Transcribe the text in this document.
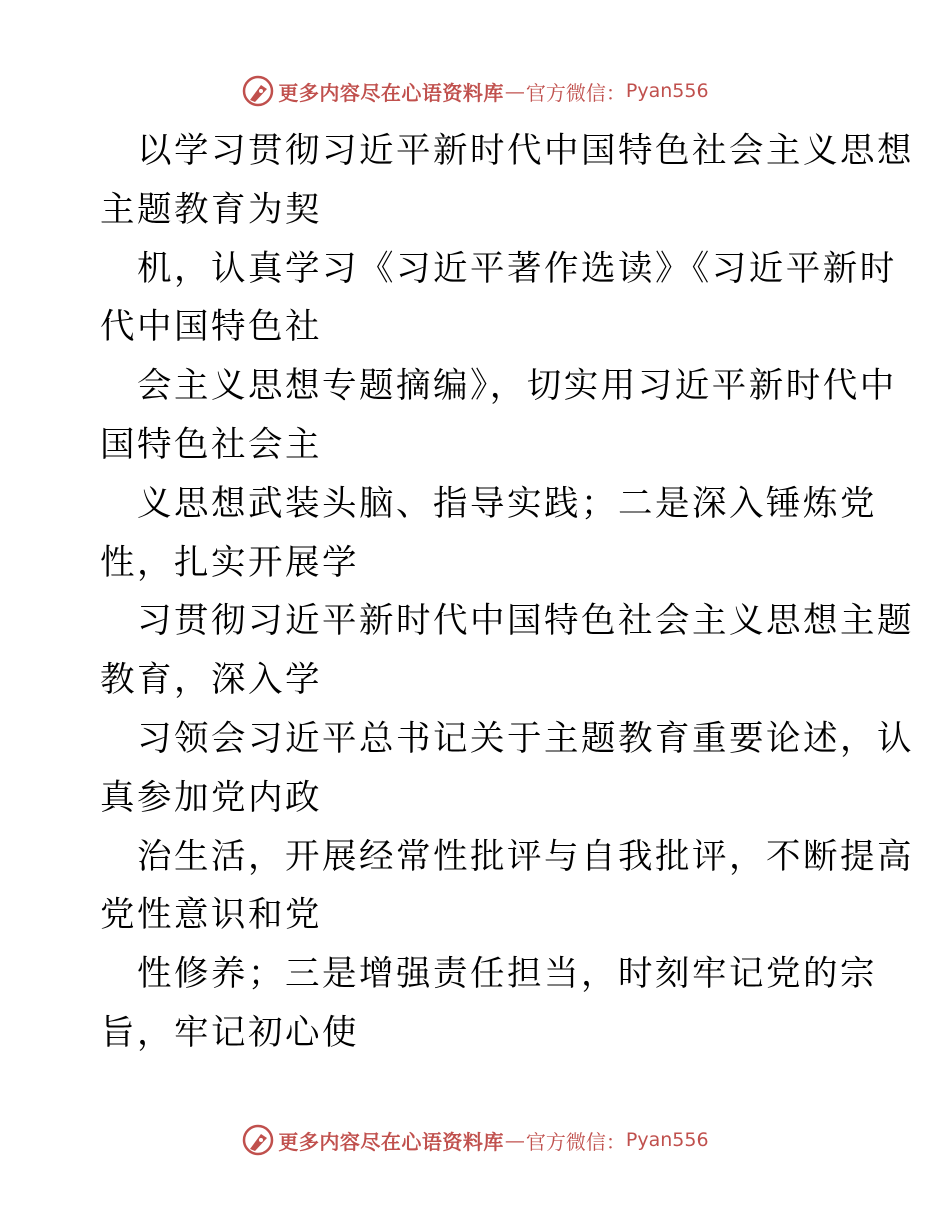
更多内容尽在心语资料库 — 官方微信： Pyan556
以学习贯彻习近平新时代中国特色社会主义思想
主题教育为契
机，认真学习《习近平著作选读》《习近平新时
代中国特色社
会主义思想专题摘编》，切实用习近平新时代中
国特色社会主
义思想武装头脑、指导实践；二是深入锤炼党
性，扎实开展学
习贯彻习近平新时代中国特色社会主义思想主题
教育，深入学
习领会习近平总书记关于主题教育重要论述，认
真参加党内政
治生活，开展经常性批评与自我批评，不断提高
党性意识和党
性修养；三是增强责任担当，时刻牢记党的宗
旨，牢记初心使
更多内容尽在心语资料库 — 官方微信： Pyan556
